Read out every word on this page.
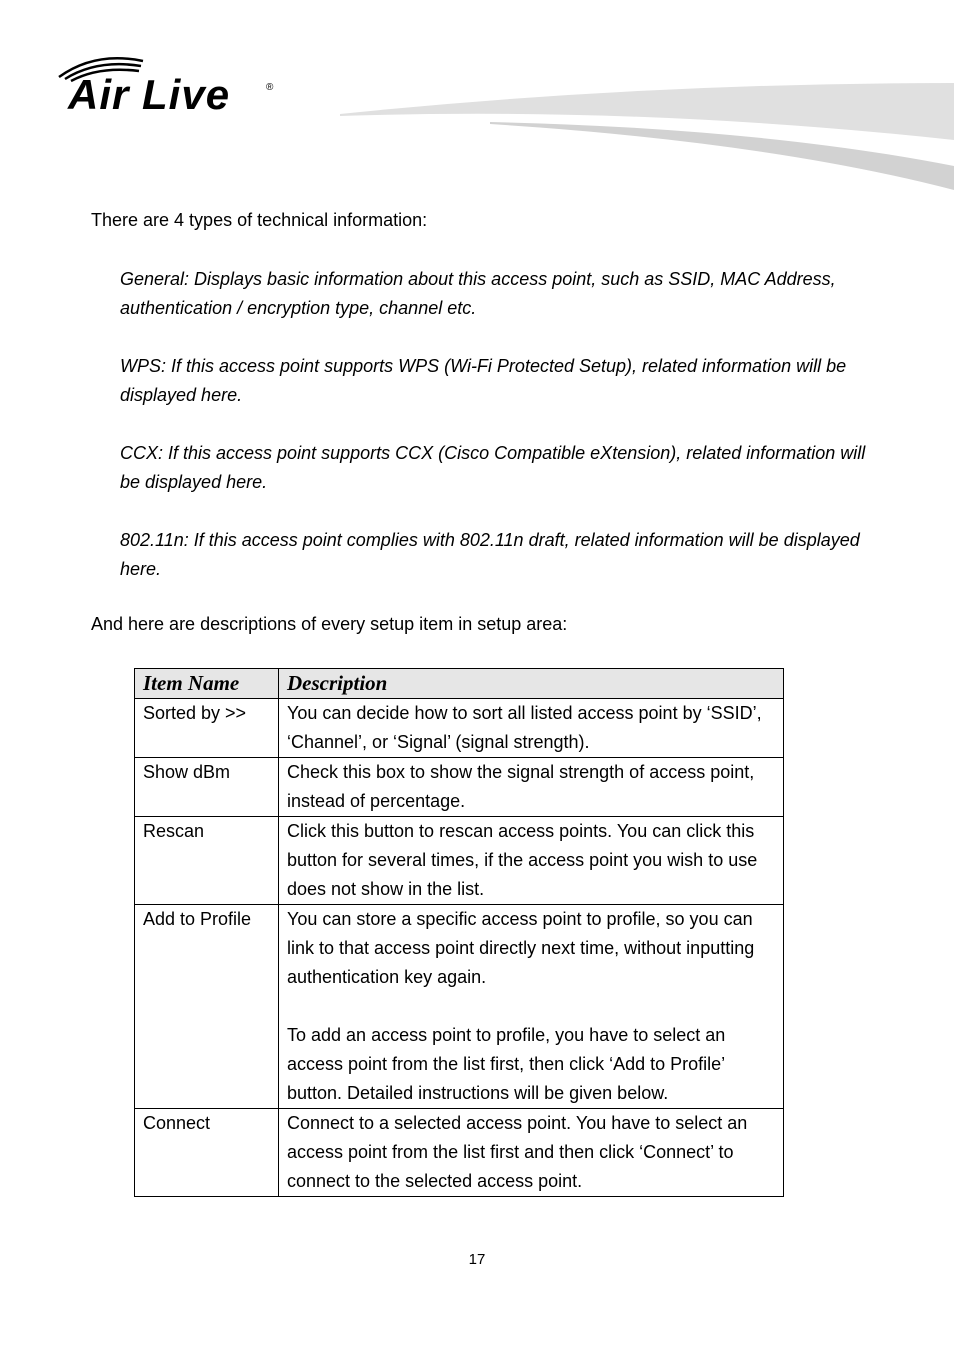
Air Live	®

There are 4 types of technical information:

General: Displays basic information about this access point, such as SSID, MAC Address, authentication / encryption type, channel etc.

WPS: If this access point supports WPS (Wi-Fi Protected Setup), related information will be displayed here.

CCX: If this access point supports CCX (Cisco Compatible eXtension), related information will be displayed here.

802.11n: If this access point complies with 802.11n draft, related information will be displayed here.

And here are descriptions of every setup item in setup area:

Item Name	Description
Sorted by >>	You can decide how to sort all listed access point by ‘SSID’, ‘Channel’, or ‘Signal’ (signal strength).

Show dBm	Check this box to show the signal strength of access point, instead of percentage.

Rescan	Click this button to rescan access points. You can click this button for several times, if the access point you wish to use does not show in the list.

Add to Profile	You can store a specific access point to profile, so you can link to that access point directly next time, without inputting authentication key again.

To add an access point to profile, you have to select an access point from the list first, then click ‘Add to Profile’ button. Detailed instructions will be given below.

Connect	Connect to a selected access point. You have to select an access point from the list first and then click ‘Connect’ to connect to the selected access point.

17
